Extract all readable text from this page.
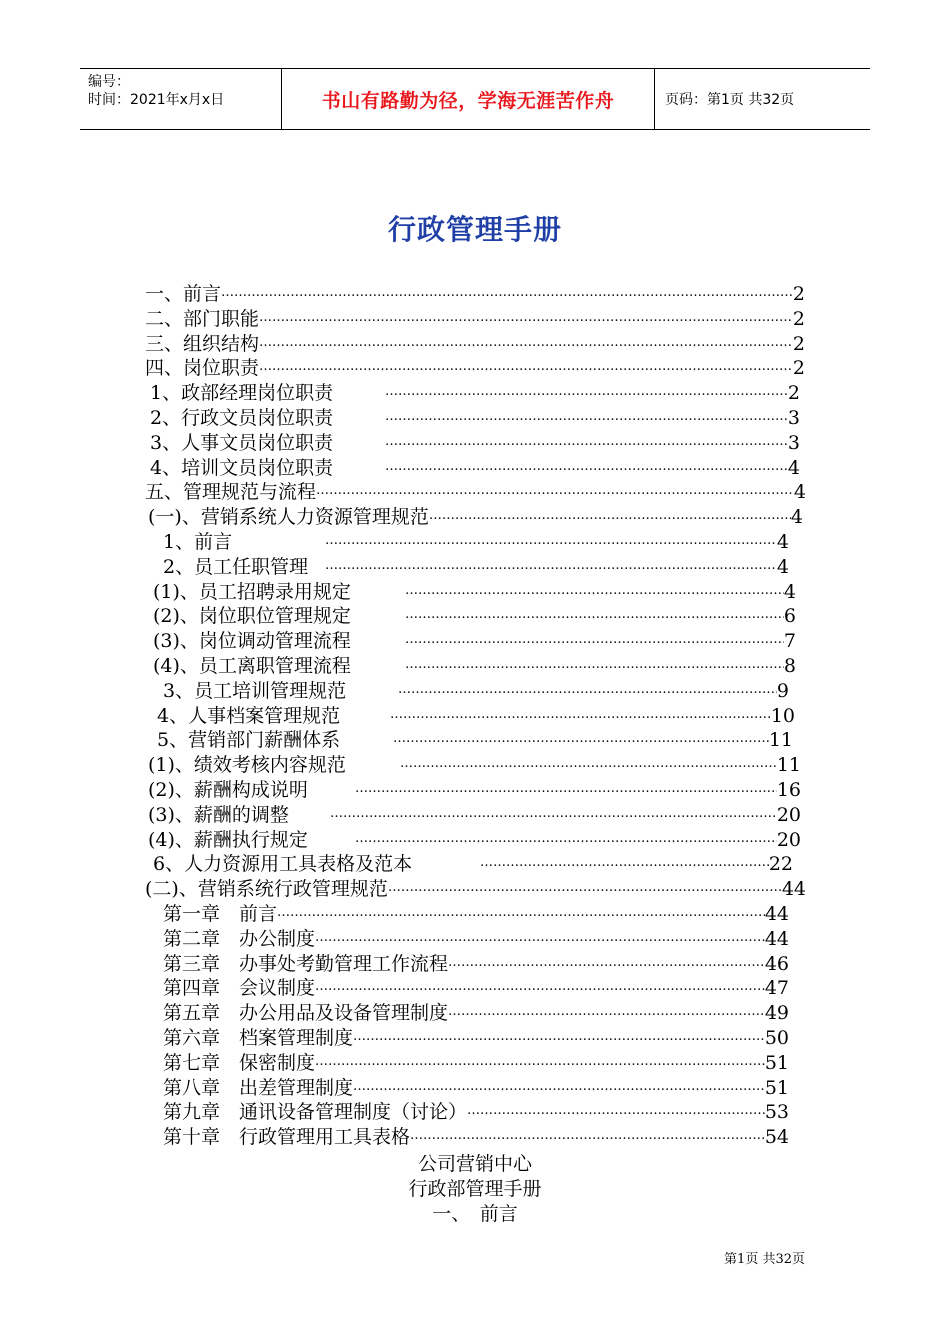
编号：
时间：2021年x月x日	书山有路勤为径，学海无涯苦作舟	页码：第1页 共32页
行政管理手册
一、前言 …………………………………………………………………………………………………………………………………………………………………………………………………………………………………………	2
二、部门职能 …………………………………………………………………………………………………………………………………………………………………………………………………………………………………………	2
三、组织结构 …………………………………………………………………………………………………………………………………………………………………………………………………………………………………………	2
四、岗位职责 …………………………………………………………………………………………………………………………………………………………………………………………………………………………………………	2
1、政部经理岗位职责 …………………………………………………………………………………………………………………………………………………………………………………………………………………………………………	2
2、行政文员岗位职责 …………………………………………………………………………………………………………………………………………………………………………………………………………………………………………	3
3、人事文员岗位职责 …………………………………………………………………………………………………………………………………………………………………………………………………………………………………………	3
4、培训文员岗位职责 …………………………………………………………………………………………………………………………………………………………………………………………………………………………………………	4
五、管理规范与流程 …………………………………………………………………………………………………………………………………………………………………………………………………………………………………………	4
(一)、营销系统人力资源管理规范 …………………………………………………………………………………………………………………………………………………………………………………………………………………………………………	4
1、前言 …………………………………………………………………………………………………………………………………………………………………………………………………………………………………………	4
2、员工任职管理 …………………………………………………………………………………………………………………………………………………………………………………………………………………………………………	4
(1)、员工招聘录用规定 …………………………………………………………………………………………………………………………………………………………………………………………………………………………………………	4
(2)、岗位职位管理规定 …………………………………………………………………………………………………………………………………………………………………………………………………………………………………………	6
(3)、岗位调动管理流程 …………………………………………………………………………………………………………………………………………………………………………………………………………………………………………	7
(4)、员工离职管理流程 …………………………………………………………………………………………………………………………………………………………………………………………………………………………………………	8
3、员工培训管理规范 …………………………………………………………………………………………………………………………………………………………………………………………………………………………………………	9
4、人事档案管理规范 …………………………………………………………………………………………………………………………………………………………………………………………………………………………………………	10
5、营销部门薪酬体系 …………………………………………………………………………………………………………………………………………………………………………………………………………………………………………	11
(1)、绩效考核内容规范 …………………………………………………………………………………………………………………………………………………………………………………………………………………………………………	11
(2)、薪酬构成说明 …………………………………………………………………………………………………………………………………………………………………………………………………………………………………………	16
(3)、薪酬的调整 …………………………………………………………………………………………………………………………………………………………………………………………………………………………………………	20
(4)、薪酬执行规定 …………………………………………………………………………………………………………………………………………………………………………………………………………………………………………	20
6、人力资源用工具表格及范本 …………………………………………………………………………………………………………………………………………………………………………………………………………………………………………	22
(二)、营销系统行政管理规范 …………………………………………………………………………………………………………………………………………………………………………………………………………………………………………	44
第一章　前言 …………………………………………………………………………………………………………………………………………………………………………………………………………………………………………	44
第二章　办公制度 …………………………………………………………………………………………………………………………………………………………………………………………………………………………………………	44
第三章　办事处考勤管理工作流程 …………………………………………………………………………………………………………………………………………………………………………………………………………………………………………	46
第四章　会议制度 …………………………………………………………………………………………………………………………………………………………………………………………………………………………………………	47
第五章　办公用品及设备管理制度 …………………………………………………………………………………………………………………………………………………………………………………………………………………………………………	49
第六章　档案管理制度 …………………………………………………………………………………………………………………………………………………………………………………………………………………………………………	50
第七章　保密制度 …………………………………………………………………………………………………………………………………………………………………………………………………………………………………………	51
第八章　出差管理制度 …………………………………………………………………………………………………………………………………………………………………………………………………………………………………………	51
第九章　通讯设备管理制度（讨论） …………………………………………………………………………………………………………………………………………………………………………………………………………………………………………	53
第十章　行政管理用工具表格 …………………………………………………………………………………………………………………………………………………………………………………………………………………………………………	54
公司营销中心
行政部管理手册
一、　前言
第1页 共32页
